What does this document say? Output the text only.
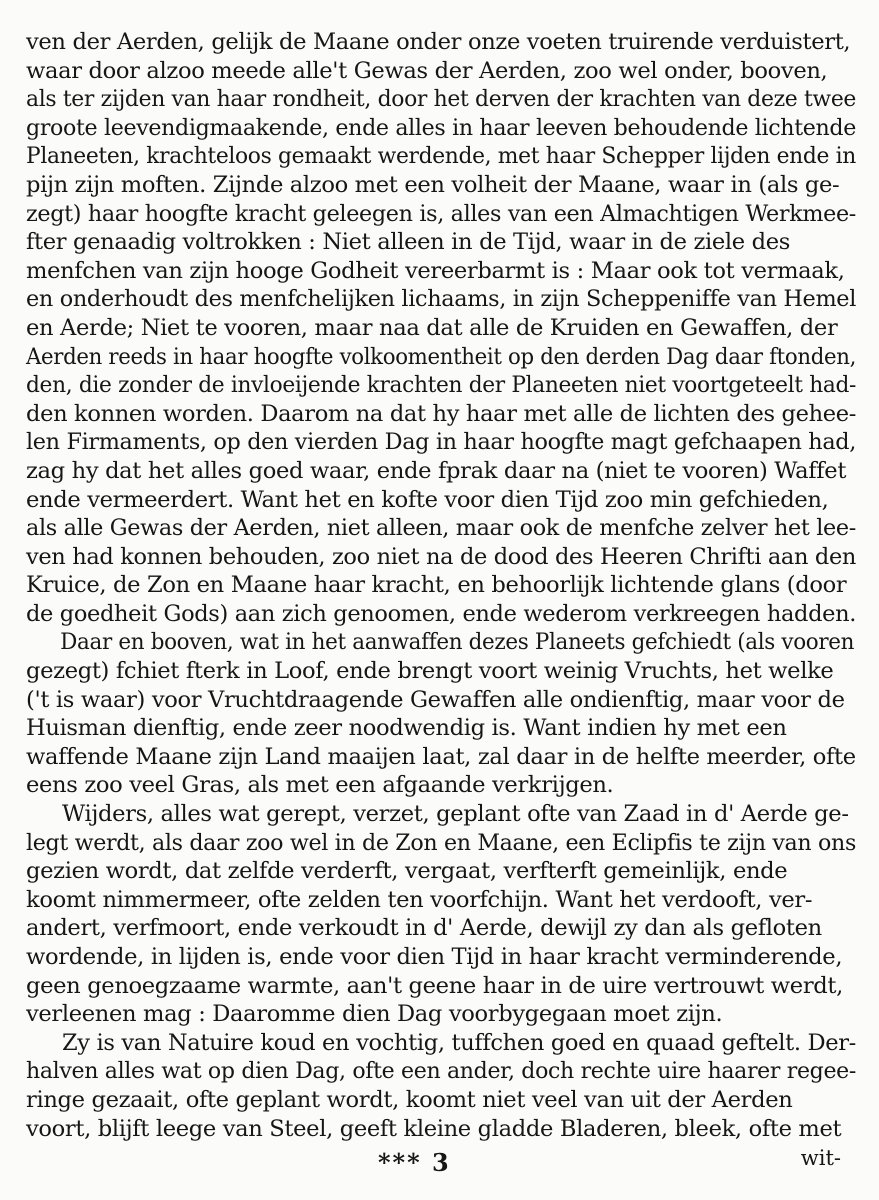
ven der Aerden, gelijk de Maane onder onze voeten truirende verduistert,
waar door alzoo meede alle't Gewas der Aerden, zoo wel onder, booven,
als ter zijden van haar rondheit, door het derven der krachten van deze twee
groote leevendigmaakende, ende alles in haar leeven behoudende lichtende
Planeeten, krachteloos gemaakt werdende, met haar Schepper lijden ende in
pijn zijn moften. Zijnde alzoo met een volheit der Maane, waar in (als ge-
zegt) haar hoogfte kracht geleegen is, alles van een Almachtigen Werkmee-
fter genaadig voltrokken : Niet alleen in de Tijd, waar in de ziele des
menfchen van zijn hooge Godheit vereerbarmt is : Maar ook tot vermaak,
en onderhoudt des menfchelijken lichaams, in zijn Scheppeniffe van Hemel
en Aerde; Niet te vooren, maar naa dat alle de Kruiden en Gewaffen, der
Aerden reeds in haar hoogfte volkoomentheit op den derden Dag daar ftonden,
den, die zonder de invloeijende krachten der Planeeten niet voortgeteelt had-
den konnen worden. Daarom na dat hy haar met alle de lichten des gehee-
len Firmaments, op den vierden Dag in haar hoogfte magt gefchaapen had,
zag hy dat het alles goed waar, ende fprak daar na (niet te vooren) Waffet
ende vermeerdert. Want het en kofte voor dien Tijd zoo min gefchieden,
als alle Gewas der Aerden, niet alleen, maar ook de menfche zelver het lee-
ven had konnen behouden, zoo niet na de dood des Heeren Chrifti aan den
Kruice, de Zon en Maane haar kracht, en behoorlijk lichtende glans (door
de goedheit Gods) aan zich genoomen, ende wederom verkreegen hadden.
Daar en booven, wat in het aanwaffen dezes Planeets gefchiedt (als vooren
gezegt) fchiet fterk in Loof, ende brengt voort weinig Vruchts, het welke
('t is waar) voor Vruchtdraagende Gewaffen alle ondienftig, maar voor de
Huisman dienftig, ende zeer noodwendig is. Want indien hy met een
waffende Maane zijn Land maaijen laat, zal daar in de helfte meerder, ofte
eens zoo veel Gras, als met een afgaande verkrijgen.
Wijders, alles wat gerept, verzet, geplant ofte van Zaad in d' Aerde ge-
legt werdt, als daar zoo wel in de Zon en Maane, een Eclipfis te zijn van ons
gezien wordt, dat zelfde verderft, vergaat, verfterft gemeinlijk, ende
koomt nimmermeer, ofte zelden ten voorfchijn. Want het verdooft, ver-
andert, verfmoort, ende verkoudt in d' Aerde, dewijl zy dan als gefloten
wordende, in lijden is, ende voor dien Tijd in haar kracht verminderende,
geen genoegzaame warmte, aan't geene haar in de uire vertrouwt werdt,
verleenen mag : Daaromme dien Dag voorbygegaan moet zijn.
Zy is van Natuire koud en vochtig, tuffchen goed en quaad geftelt. Der-
halven alles wat op dien Dag, ofte een ander, doch rechte uire haarer regee-
ringe gezaait, ofte geplant wordt, koomt niet veel van uit der Aerden
voort, blijft leege van Steel, geeft kleine gladde Bladeren, bleek, ofte met
*** 3	wit-
